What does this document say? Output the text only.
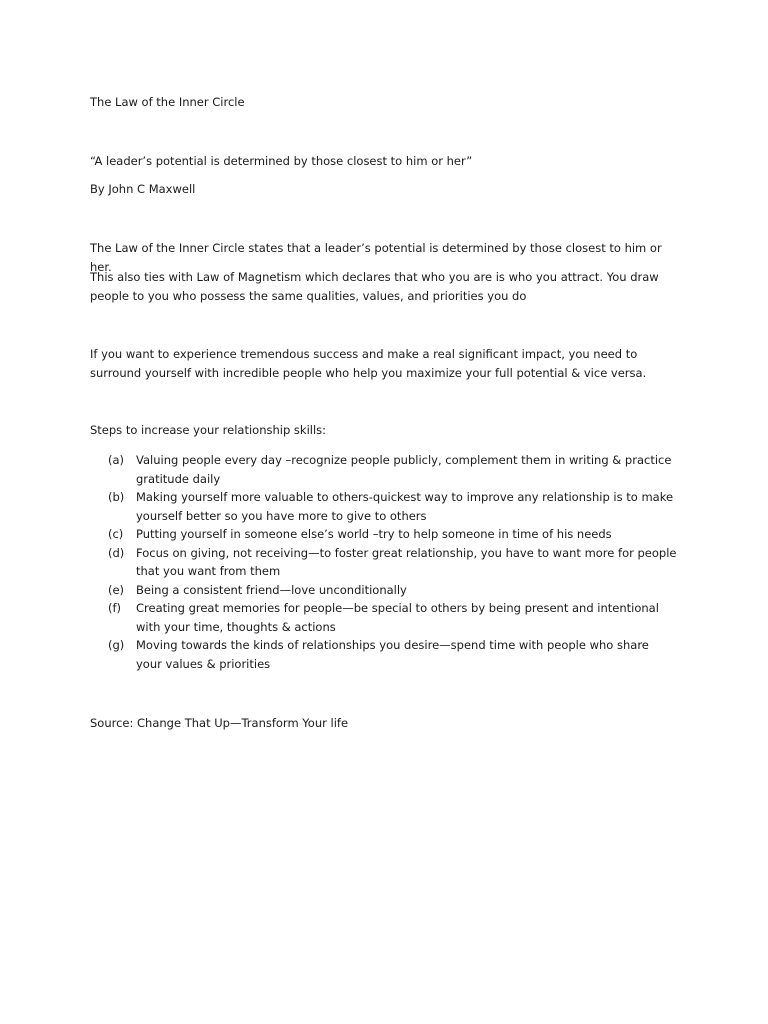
The Law of the Inner Circle

“A leader’s potential is determined by those closest to him or her”

By John C Maxwell

The Law of the Inner Circle states that a leader’s potential is determined by those closest to him or her.

This also ties with Law of Magnetism which declares that who you are is who you attract. You draw people to you who possess the same qualities, values, and priorities you do

If you want to experience tremendous success and make a real significant impact, you need to surround yourself with incredible people who help you maximize your full potential & vice versa.

Steps to increase your relationship skills:

(a)	Valuing people every day –recognize people publicly, complement them in writing & practice gratitude daily
(b)	Making yourself more valuable to others-quickest way to improve any relationship is to make yourself better so you have more to give to others
(c)	Putting yourself in someone else’s world –try to help someone in time of his needs
(d)	Focus on giving, not receiving—to foster great relationship, you have to want more for people that you want from them
(e)	Being a consistent friend—love unconditionally
(f)	Creating great memories for people—be special to others by being present and intentional with your time, thoughts & actions
(g)	Moving towards the kinds of relationships you desire—spend time with people who share your values & priorities

Source: Change That Up—Transform Your life
